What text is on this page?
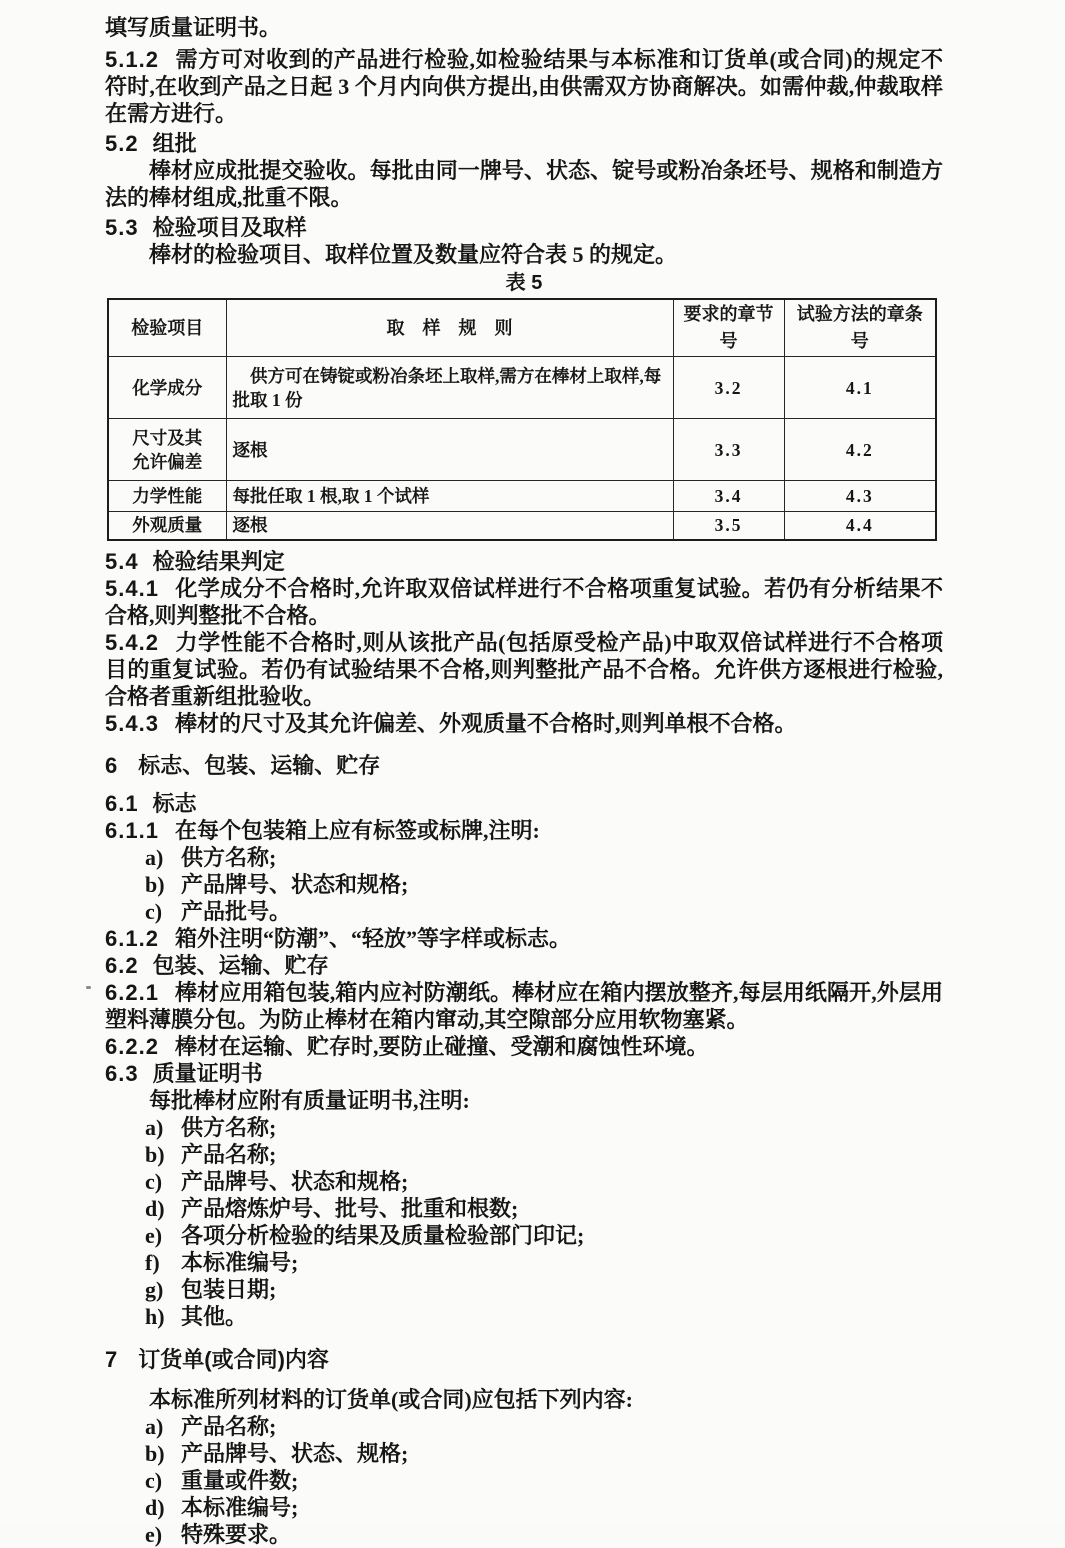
填写质量证明书。

5.1.2 需方可对收到的产品进行检验,如检验结果与本标准和订货单(或合同)的规定不符时,在收到产品之日起 3 个月内向供方提出,由供需双方协商解决。如需仲裁,仲裁取样在需方进行。

5.2 组批

棒材应成批提交验收。每批由同一牌号、状态、锭号或粉冶条坯号、规格和制造方法的棒材组成,批重不限。

5.3 检验项目及取样

棒材的检验项目、取样位置及数量应符合表 5 的规定。

表 5
检验项目	取　样　规　则	要求的章节号	试验方法的章条号
化学成分	供方可在铸锭或粉冶条坯上取样,需方在棒材上取样,每批取 1 份	3.2	4.1

尺寸及其
允许偏差	逐根	3.3	4.2
力学性能	每批任取 1 根,取 1 个试样	3.4	4.3
外观质量	逐根	3.5	4.4

5.4 检验结果判定

5.4.1 化学成分不合格时,允许取双倍试样进行不合格项重复试验。若仍有分析结果不合格,则判整批不合格。

5.4.2 力学性能不合格时,则从该批产品(包括原受检产品)中取双倍试样进行不合格项目的重复试验。若仍有试验结果不合格,则判整批产品不合格。允许供方逐根进行检验,合格者重新组批验收。

5.4.3 棒材的尺寸及其允许偏差、外观质量不合格时,则判单根不合格。

6 标志、包装、运输、贮存

6.1 标志

6.1.1 在每个包装箱上应有标签或标牌,注明:

a) 供方名称;

b) 产品牌号、状态和规格;

c) 产品批号。

6.1.2 箱外注明“防潮”、“轻放”等字样或标志。

6.2 包装、运输、贮存

6.2.1 棒材应用箱包装,箱内应衬防潮纸。棒材应在箱内摆放整齐,每层用纸隔开,外层用塑料薄膜分包。为防止棒材在箱内窜动,其空隙部分应用软物塞紧。

6.2.2 棒材在运输、贮存时,要防止碰撞、受潮和腐蚀性环境。

6.3 质量证明书

每批棒材应附有质量证明书,注明:

a) 供方名称;

b) 产品名称;

c) 产品牌号、状态和规格;

d) 产品熔炼炉号、批号、批重和根数;

e) 各项分析检验的结果及质量检验部门印记;

f) 本标准编号;

g) 包装日期;

h) 其他。

7 订货单(或合同)内容

本标准所列材料的订货单(或合同)应包括下列内容:

a) 产品名称;

b) 产品牌号、状态、规格;

c) 重量或件数;

d) 本标准编号;

e) 特殊要求。
